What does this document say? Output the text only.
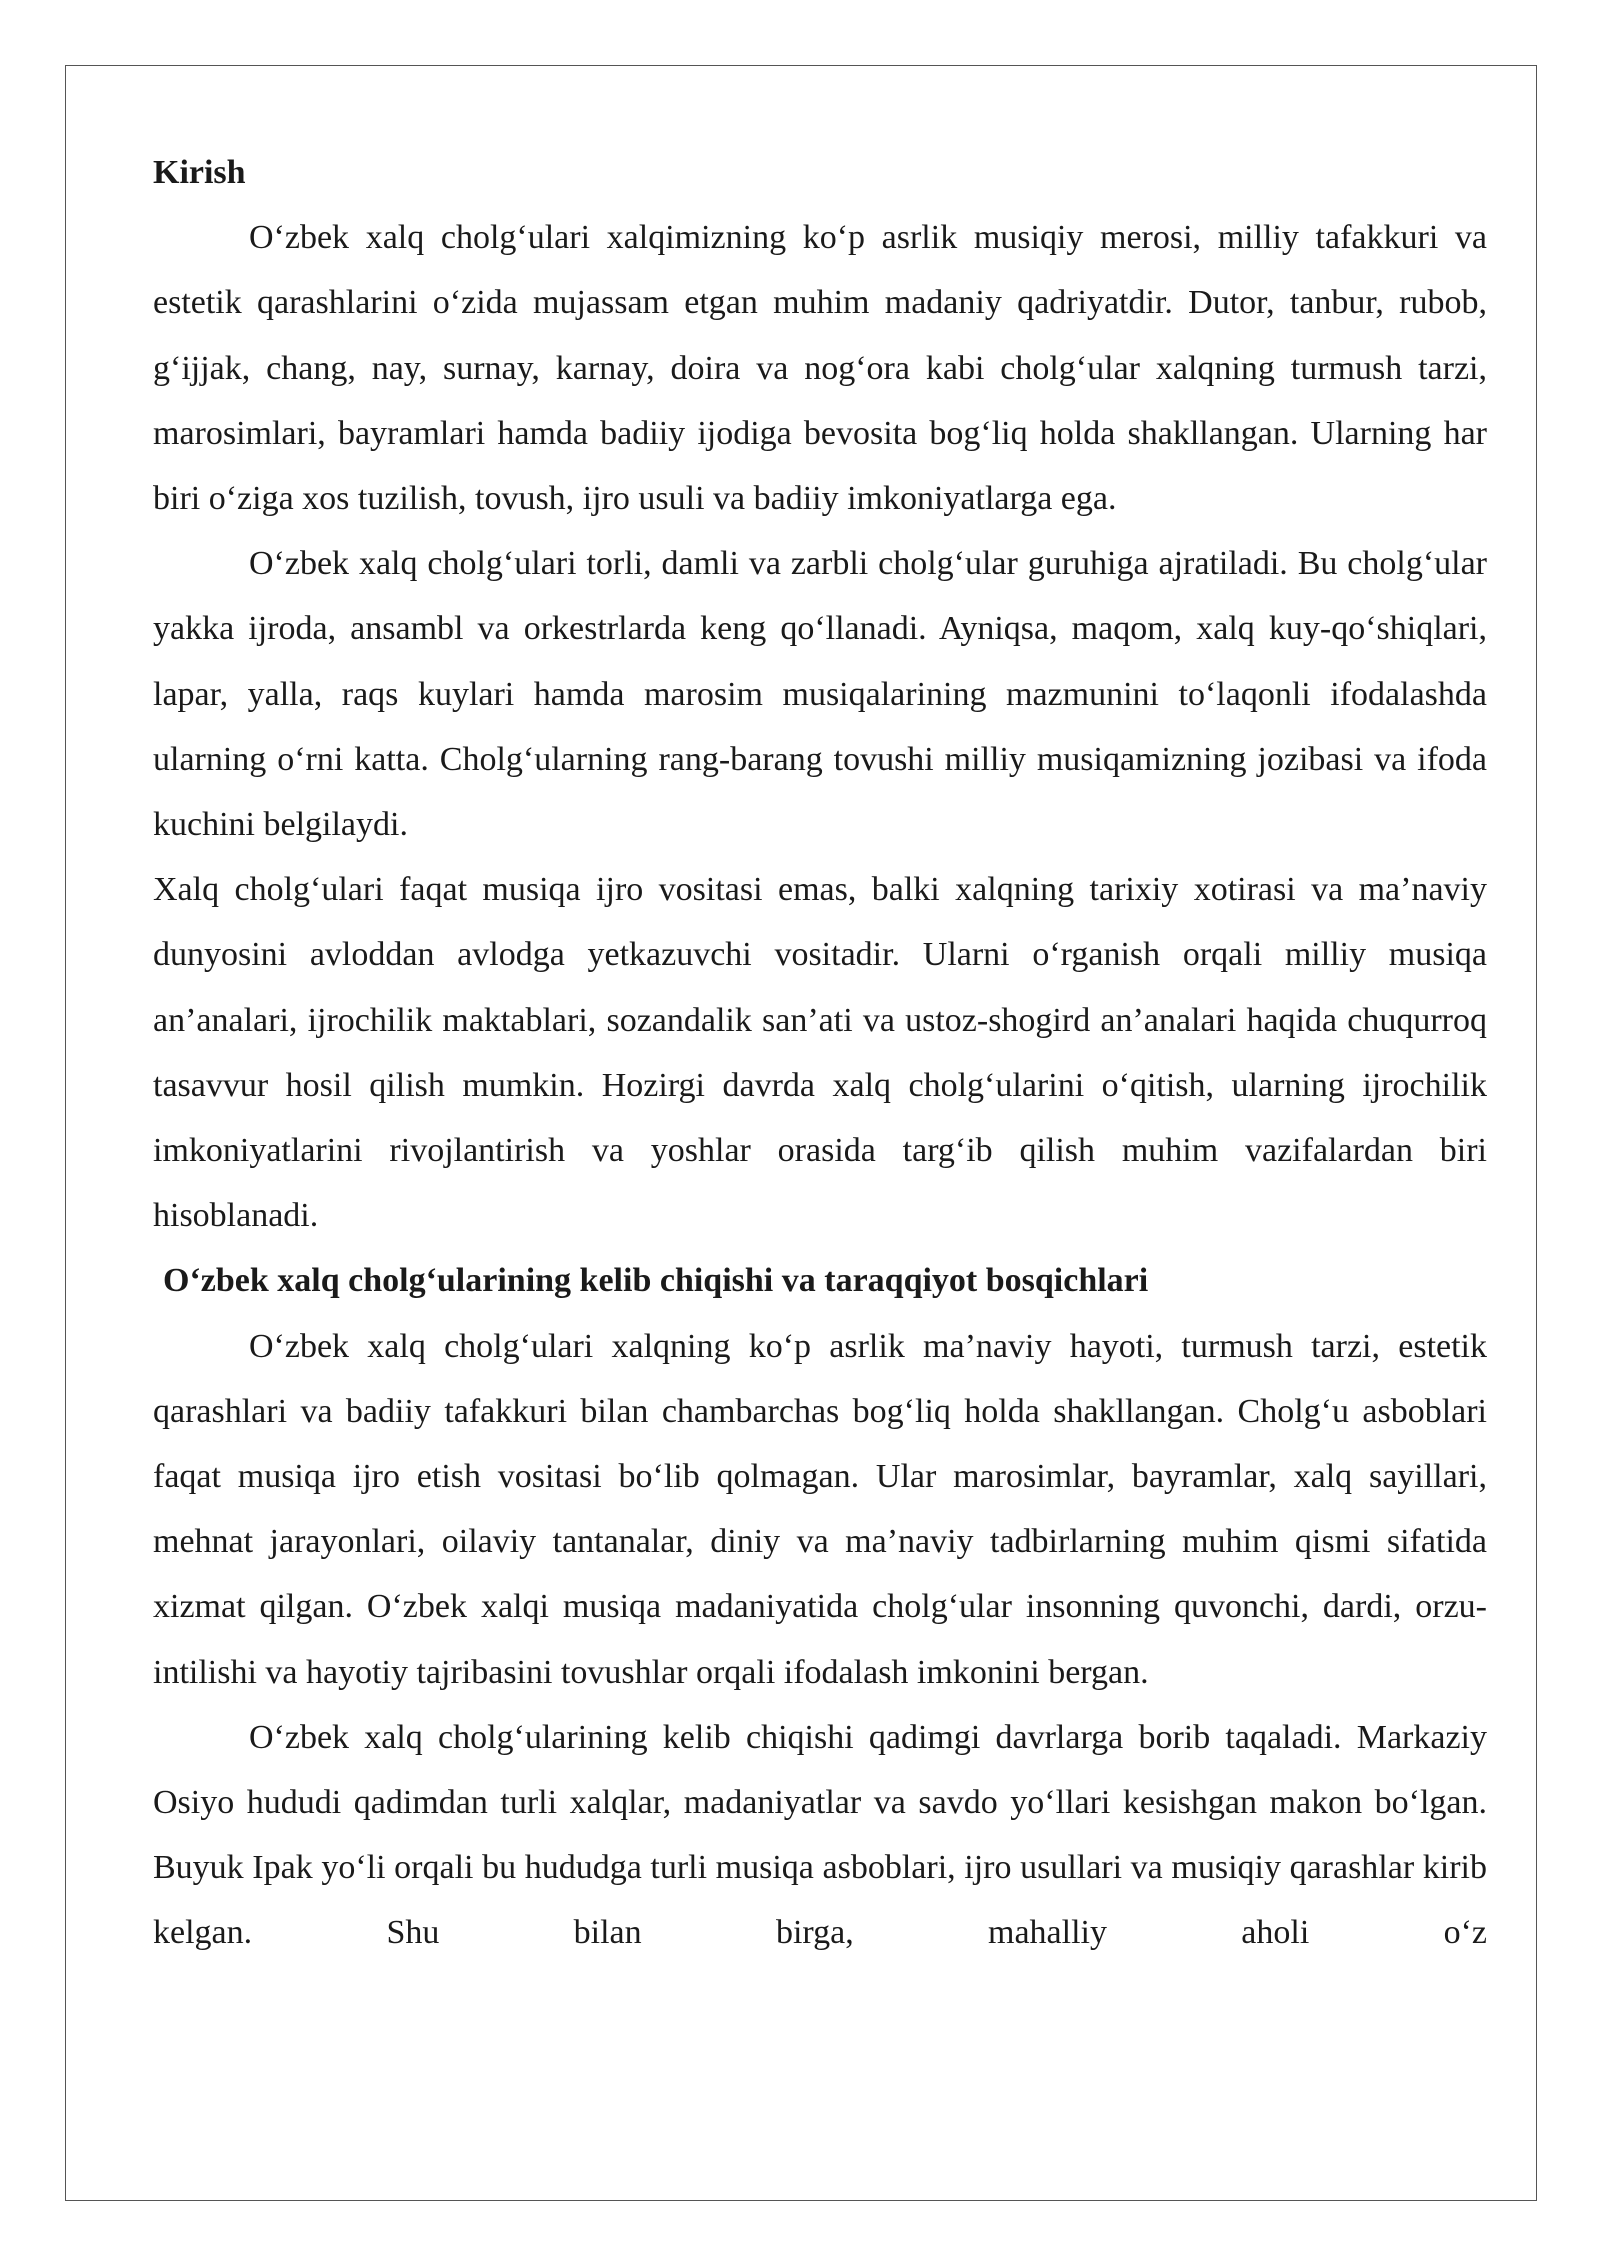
Kirish

O‘zbek xalq cholg‘ulari xalqimizning ko‘p asrlik musiqiy merosi, milliy tafakkuri va estetik qarashlarini o‘zida mujassam etgan muhim madaniy qadriyatdir. Dutor, tanbur, rubob, g‘ijjak, chang, nay, surnay, karnay, doira va nog‘ora kabi cholg‘ular xalqning turmush tarzi, marosimlari, bayramlari hamda badiiy ijodiga bevosita bog‘liq holda shakllangan. Ularning har biri o‘ziga xos tuzilish, tovush, ijro usuli va badiiy imkoniyatlarga ega.

O‘zbek xalq cholg‘ulari torli, damli va zarbli cholg‘ular guruhiga ajratiladi. Bu cholg‘ular yakka ijroda, ansambl va orkestrlarda keng qo‘llanadi. Ayniqsa, maqom, xalq kuy-qo‘shiqlari, lapar, yalla, raqs kuylari hamda marosim musiqalarining mazmunini to‘laqonli ifodalashda ularning o‘rni katta. Cholg‘ularning rang-barang tovushi milliy musiqamizning jozibasi va ifoda kuchini belgilaydi.

Xalq cholg‘ulari faqat musiqa ijro vositasi emas, balki xalqning tarixiy xotirasi va ma’naviy dunyosini avloddan avlodga yetkazuvchi vositadir. Ularni o‘rganish orqali milliy musiqa an’analari, ijrochilik maktablari, sozandalik san’ati va ustoz-shogird an’analari haqida chuqurroq tasavvur hosil qilish mumkin. Hozirgi davrda xalq cholg‘ularini o‘qitish, ularning ijrochilik imkoniyatlarini rivojlantirish va yoshlar orasida targ‘ib qilish muhim vazifalardan biri hisoblanadi.

O‘zbek xalq cholg‘ularining kelib chiqishi va taraqqiyot bosqichlari

O‘zbek xalq cholg‘ulari xalqning ko‘p asrlik ma’naviy hayoti, turmush tarzi, estetik qarashlari va badiiy tafakkuri bilan chambarchas bog‘liq holda shakllangan. Cholg‘u asboblari faqat musiqa ijro etish vositasi bo‘lib qolmagan. Ular marosimlar, bayramlar, xalq sayillari, mehnat jarayonlari, oilaviy tantanalar, diniy va ma’naviy tadbirlarning muhim qismi sifatida xizmat qilgan. O‘zbek xalqi musiqa madaniyatida cholg‘ular insonning quvonchi, dardi, orzu-intilishi va hayotiy tajribasini tovushlar orqali ifodalash imkonini bergan.

O‘zbek xalq cholg‘ularining kelib chiqishi qadimgi davrlarga borib taqaladi. Markaziy Osiyo hududi qadimdan turli xalqlar, madaniyatlar va savdo yo‘llari kesishgan makon bo‘lgan. Buyuk Ipak yo‘li orqali bu hududga turli musiqa asboblari, ijro usullari va musiqiy qarashlar kirib kelgan. Shu bilan birga, mahalliy aholi o‘z
